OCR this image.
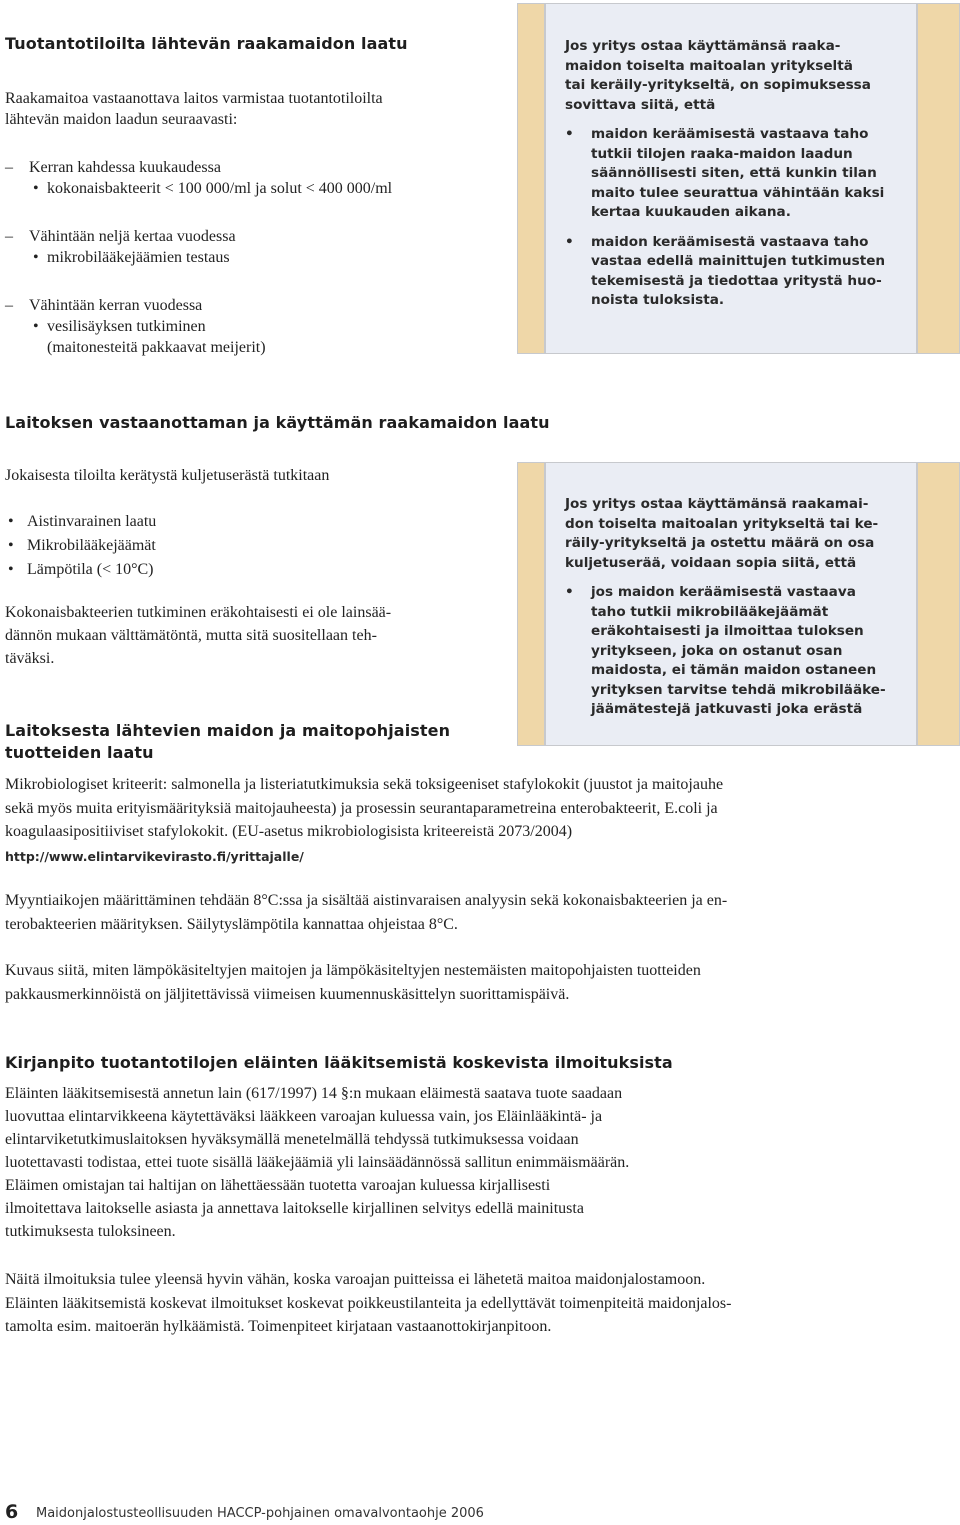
Tuotantotiloilta lähtevän raakamaidon laatu
Raakamaitoa vastaanottava laitos varmistaa tuotantotiloilta
lähtevän maidon laadun seuraavasti:
–	Kerran kahdessa kuukaudessa
• kokonaisbakteerit < 100 000/ml ja solut < 400 000/ml
–	Vähintään neljä kertaa vuodessa
• mikrobilääkejäämien testaus
–	Vähintään kerran vuodessa
• vesilisäyksen tutkiminen
(maitonesteitä pakkaavat meijerit)
Jos yritys ostaa käyttämänsä raaka-
maidon toiselta maitoalan yritykseltä
tai keräily-yritykseltä, on sopimuksessa
sovittava siitä, että
• maidon keräämisestä vastaava taho
tutkii tilojen raaka-maidon laadun
säännöllisesti siten, että kunkin tilan
maito tulee seurattua vähintään kaksi
kertaa kuukauden aikana.
• maidon keräämisestä vastaava taho
vastaa edellä mainittujen tutkimusten
tekemisestä ja tiedottaa yritystä huo-
noista tuloksista.
Laitoksen vastaanottaman ja käyttämän raakamaidon laatu
Jokaisesta tiloilta kerätystä kuljetuserästä tutkitaan
• Aistinvarainen laatu
• Mikrobilääkejäämät
• Lämpötila (< 10°C)
Kokonaisbakteerien tutkiminen eräkohtaisesti ei ole lainsää-
dännön mukaan välttämätöntä, mutta sitä suositellaan teh-
täväksi.
Jos yritys ostaa käyttämänsä raakamai-
don toiselta maitoalan yritykseltä tai ke-
räily-yritykseltä ja ostettu määrä on osa
kuljetuserää, voidaan sopia siitä, että
• jos maidon keräämisestä vastaava
taho tutkii mikrobilääkejäämät
eräkohtaisesti ja ilmoittaa tuloksen
yritykseen, joka on ostanut osan
maidosta, ei tämän maidon ostaneen
yrityksen tarvitse tehdä mikrobilääke-
jäämätestejä jatkuvasti joka erästä
Laitoksesta lähtevien maidon ja maitopohjaisten
tuotteiden laatu
Mikrobiologiset kriteerit: salmonella ja listeriatutkimuksia sekä toksigeeniset stafylokokit (juustot ja maitojauhe
sekä myös muita erityismäärityksiä maitojauheesta) ja prosessin seurantaparametreina enterobakteerit, E.coli ja
koagulaasipositiiviset stafylokokit. (EU-asetus mikrobiologisista kriteereistä 2073/2004)
http://www.elintarvikevirasto.fi/yrittajalle/
Myyntiaikojen määrittäminen tehdään 8°C:ssa ja sisältää aistinvaraisen analyysin sekä kokonaisbakteerien ja en-
terobakteerien määrityksen. Säilytyslämpötila kannattaa ohjeistaa 8°C.
Kuvaus siitä, miten lämpökäsiteltyjen maitojen ja lämpökäsiteltyjen nestemäisten maitopohjaisten tuotteiden
pakkausmerkinnöistä on jäljitettävissä viimeisen kuumennuskäsittelyn suorittamispäivä.
Kirjanpito tuotantotilojen eläinten lääkitsemistä koskevista ilmoituksista
Eläinten lääkitsemisestä annetun lain (617/1997) 14 §:n mukaan eläimestä saatava tuote saadaan
luovuttaa elintarvikkeena käytettäväksi lääkkeen varoajan kuluessa vain, jos Eläinlääkintä- ja
elintarviketutkimuslaitoksen hyväksymällä menetelmällä tehdyssä tutkimuksessa voidaan
luotettavasti todistaa, ettei tuote sisällä lääkejäämiä yli lainsäädännössä sallitun enimmäismäärän.
Eläimen omistajan tai haltijan on lähettäessään tuotetta varoajan kuluessa kirjallisesti
ilmoitettava laitokselle asiasta ja annettava laitokselle kirjallinen selvitys edellä mainitusta
tutkimuksesta tuloksineen.
Näitä ilmoituksia tulee yleensä hyvin vähän, koska varoajan puitteissa ei lähetetä maitoa maidonjalostamoon.
Eläinten lääkitsemistä koskevat ilmoitukset koskevat poikkeustilanteita ja edellyttävät toimenpiteitä maidonjalos-
tamolta esim. maitoerän hylkäämistä. Toimenpiteet kirjataan vastaanottokirjanpitoon.
6 Maidonjalostusteollisuuden HACCP-pohjainen omavalvontaohje 2006
